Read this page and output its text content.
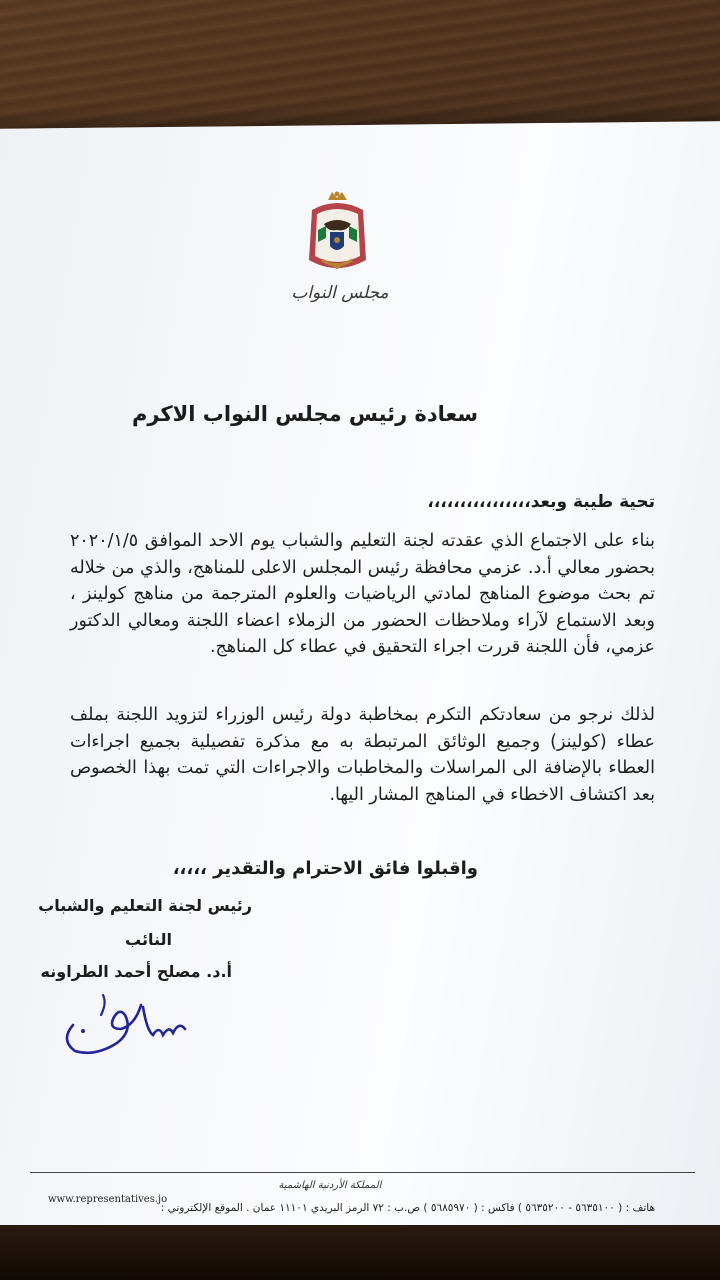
مجلس النواب
سعادة رئيس مجلس النواب الاكرم
تحية طيبة وبعد،،،،،،،،،،،،،،،،
بناء على الاجتماع الذي عقدته لجنة التعليم والشباب يوم الاحد الموافق ٢٠٢٠/١/٥ بحضور معالي أ.د. عزمي محافظة رئيس المجلس الاعلى للمناهج، والذي من خلاله تم بحث موضوع المناهج لمادتي الرياضيات والعلوم المترجمة من مناهج كولينز ، وبعد الاستماع لآراء وملاحظات الحضور من الزملاء اعضاء اللجنة ومعالي الدكتور عزمي، فأن اللجنة قررت اجراء التحقيق في عطاء كل المناهج.
لذلك نرجو من سعادتكم التكرم بمخاطبة دولة رئيس الوزراء لتزويد اللجنة بملف عطاء (كولينز) وجميع الوثائق المرتبطة به مع مذكرة تفصيلية بجميع اجراءات العطاء بالإضافة الى المراسلات والمخاطبات والاجراءات التي تمت بهذا الخصوص بعد اكتشاف الاخطاء في المناهج المشار اليها.
واقبلوا فائق الاحترام والتقدير ،،،،،
رئيس لجنة التعليم والشباب
النائب
أ.د. مصلح أحمد الطراونه
المملكة الأردنية الهاشمية
هاتف : ( ٥٦٣٥١٠٠ - ٥٦٣٥٢٠٠ ) فاكس : ( ٥٦٨٥٩٧٠ ) ص.ب : ٧٢ الرمز البريدي ١١١٠١ عمان . الموقع الإلكتروني :
www.representatives.jo
